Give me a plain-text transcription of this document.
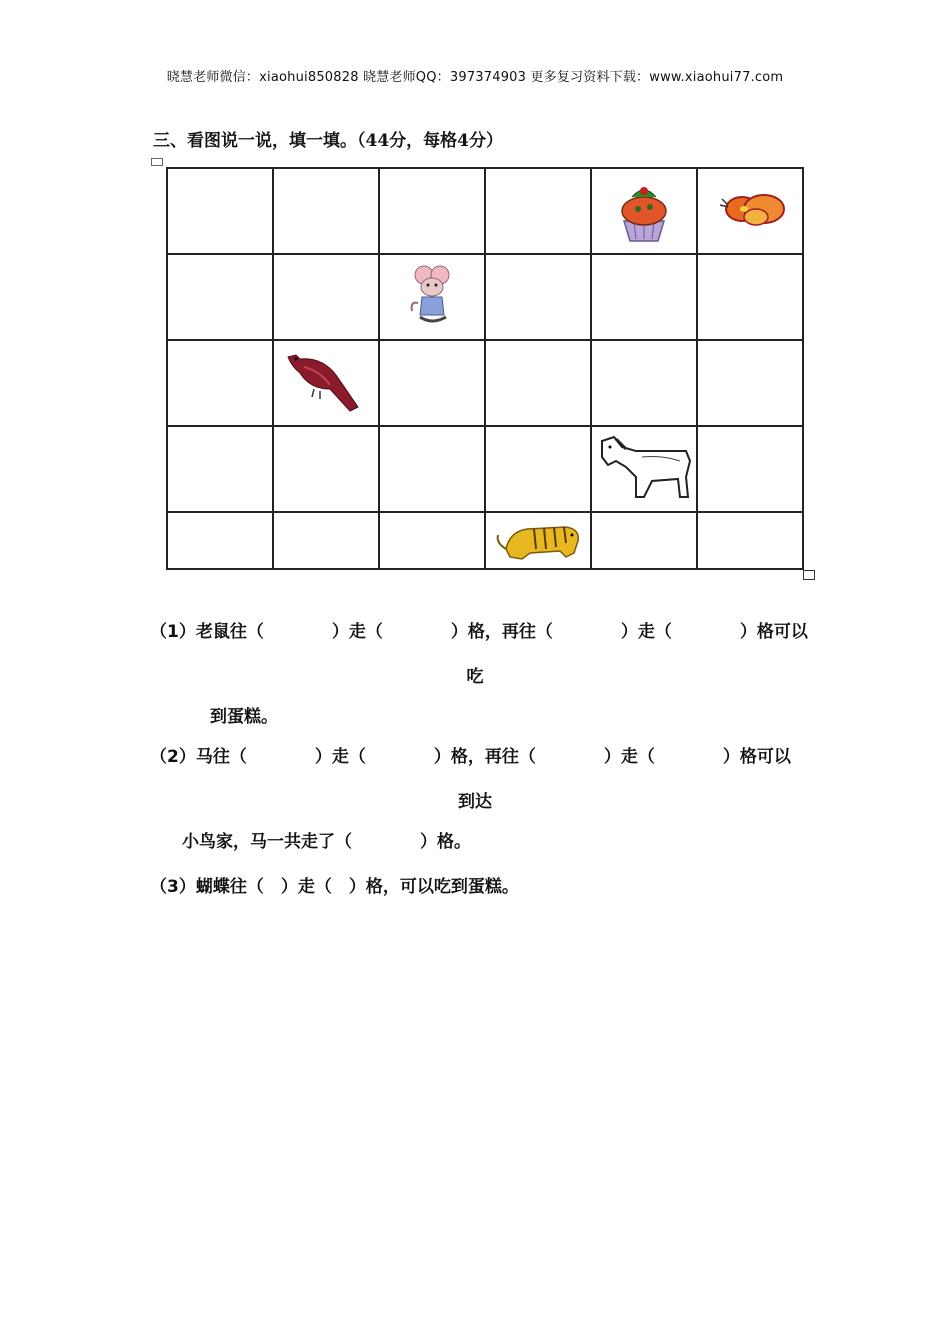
晓慧老师微信：xiaohui850828 晓慧老师QQ：397374903 更多复习资料下载：www.xiaohui77.com
三、看图说一说，填一填。（44分，每格4分）

（1）老鼠往（　　　　）走（　　　　）格，再往（　　　　）走（　　　　）格可以
吃
到蛋糕。
（2）马往（　　　　）走（　　　　）格，再往（　　　　）走（　　　　）格可以
到达
小鸟家，马一共走了（　　　　）格。
（3）蝴蝶往（　）走（　）格，可以吃到蛋糕。
